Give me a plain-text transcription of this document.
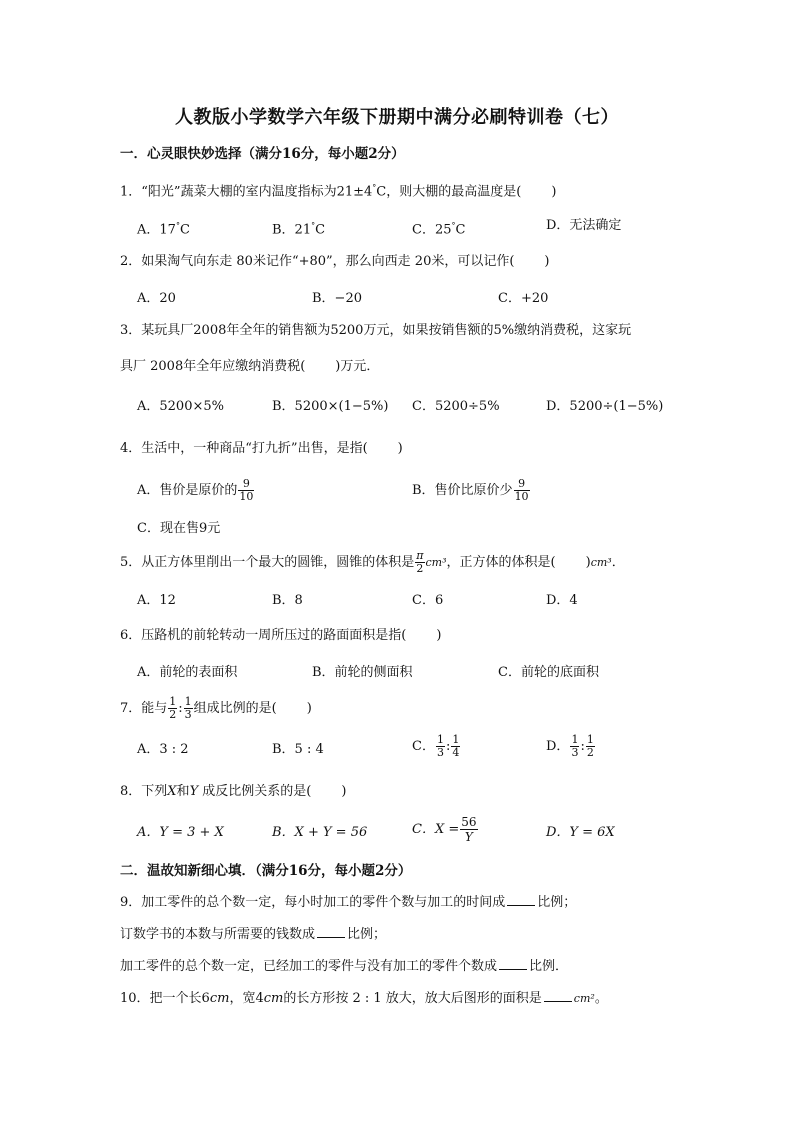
人教版小学数学六年级下册期中满分必刷特训卷（七）
一．心灵眼快妙选择（满分16分，每小题2分）
1．“阳光”蔬菜大棚的室内温度指标为21±4°C，则大棚的最高温度是( )
A．17°C	B．21°C	C．25°C	D．无法确定
2．如果淘气向东走 80米记作“+80”，那么向西走 20米，可以记作( )
A．20	B．−20	C．+20
3．某玩具厂2008年全年的销售额为5200万元，如果按销售额的5%缴纳消费税，这家玩
具厂 2008年全年应缴纳消费税( )万元．
A．5200×5%	B．5200×(1−5%) C．5200÷5%	D．5200÷(1−5%)
4．生活中，一种商品“打九折”出售，是指( )
A．售价是原价的 $\frac{9}{10}$	B．售价比原价少 $\frac{9}{10}$
C．现在售9元
5．从正方体里削出一个最大的圆锥，圆锥的体积是 $\frac{\pi}{2} cm^3$，正方体的体积是( )cm³．
A．12	B．8	C．6	D．4
6．压路机的前轮转动一周所压过的路面面积是指( )
A．前轮的表面积	B．前轮的侧面积	C．前轮的底面积
7．能与 $\frac{1}{2}$ : $\frac{1}{3}$ 组成比例的是( )
A．3 : 2	B．5 : 4	C． $\frac{1}{3}$ : $\frac{1}{4}$	D． $\frac{1}{3}$ : $\frac{1}{2}$
8．下列X和Y 成反比例关系的是( )
A．Y = 3 + X	B．X + Y = 56	C．$X = \frac{56}{Y}$	D．Y = 6X
二．温故知新细心填．（满分16分，每小题2分）
9．加工零件的总个数一定，每小时加工的零件个数与加工的时间成 比例；
订数学书的本数与所需要的钱数成 比例；
加工零件的总个数一定，已经加工的零件与没有加工的零件个数成 比例．
10．把一个长6cm，宽4cm的长方形按 2 : 1 放大，放大后图形的面积是	cm²。
